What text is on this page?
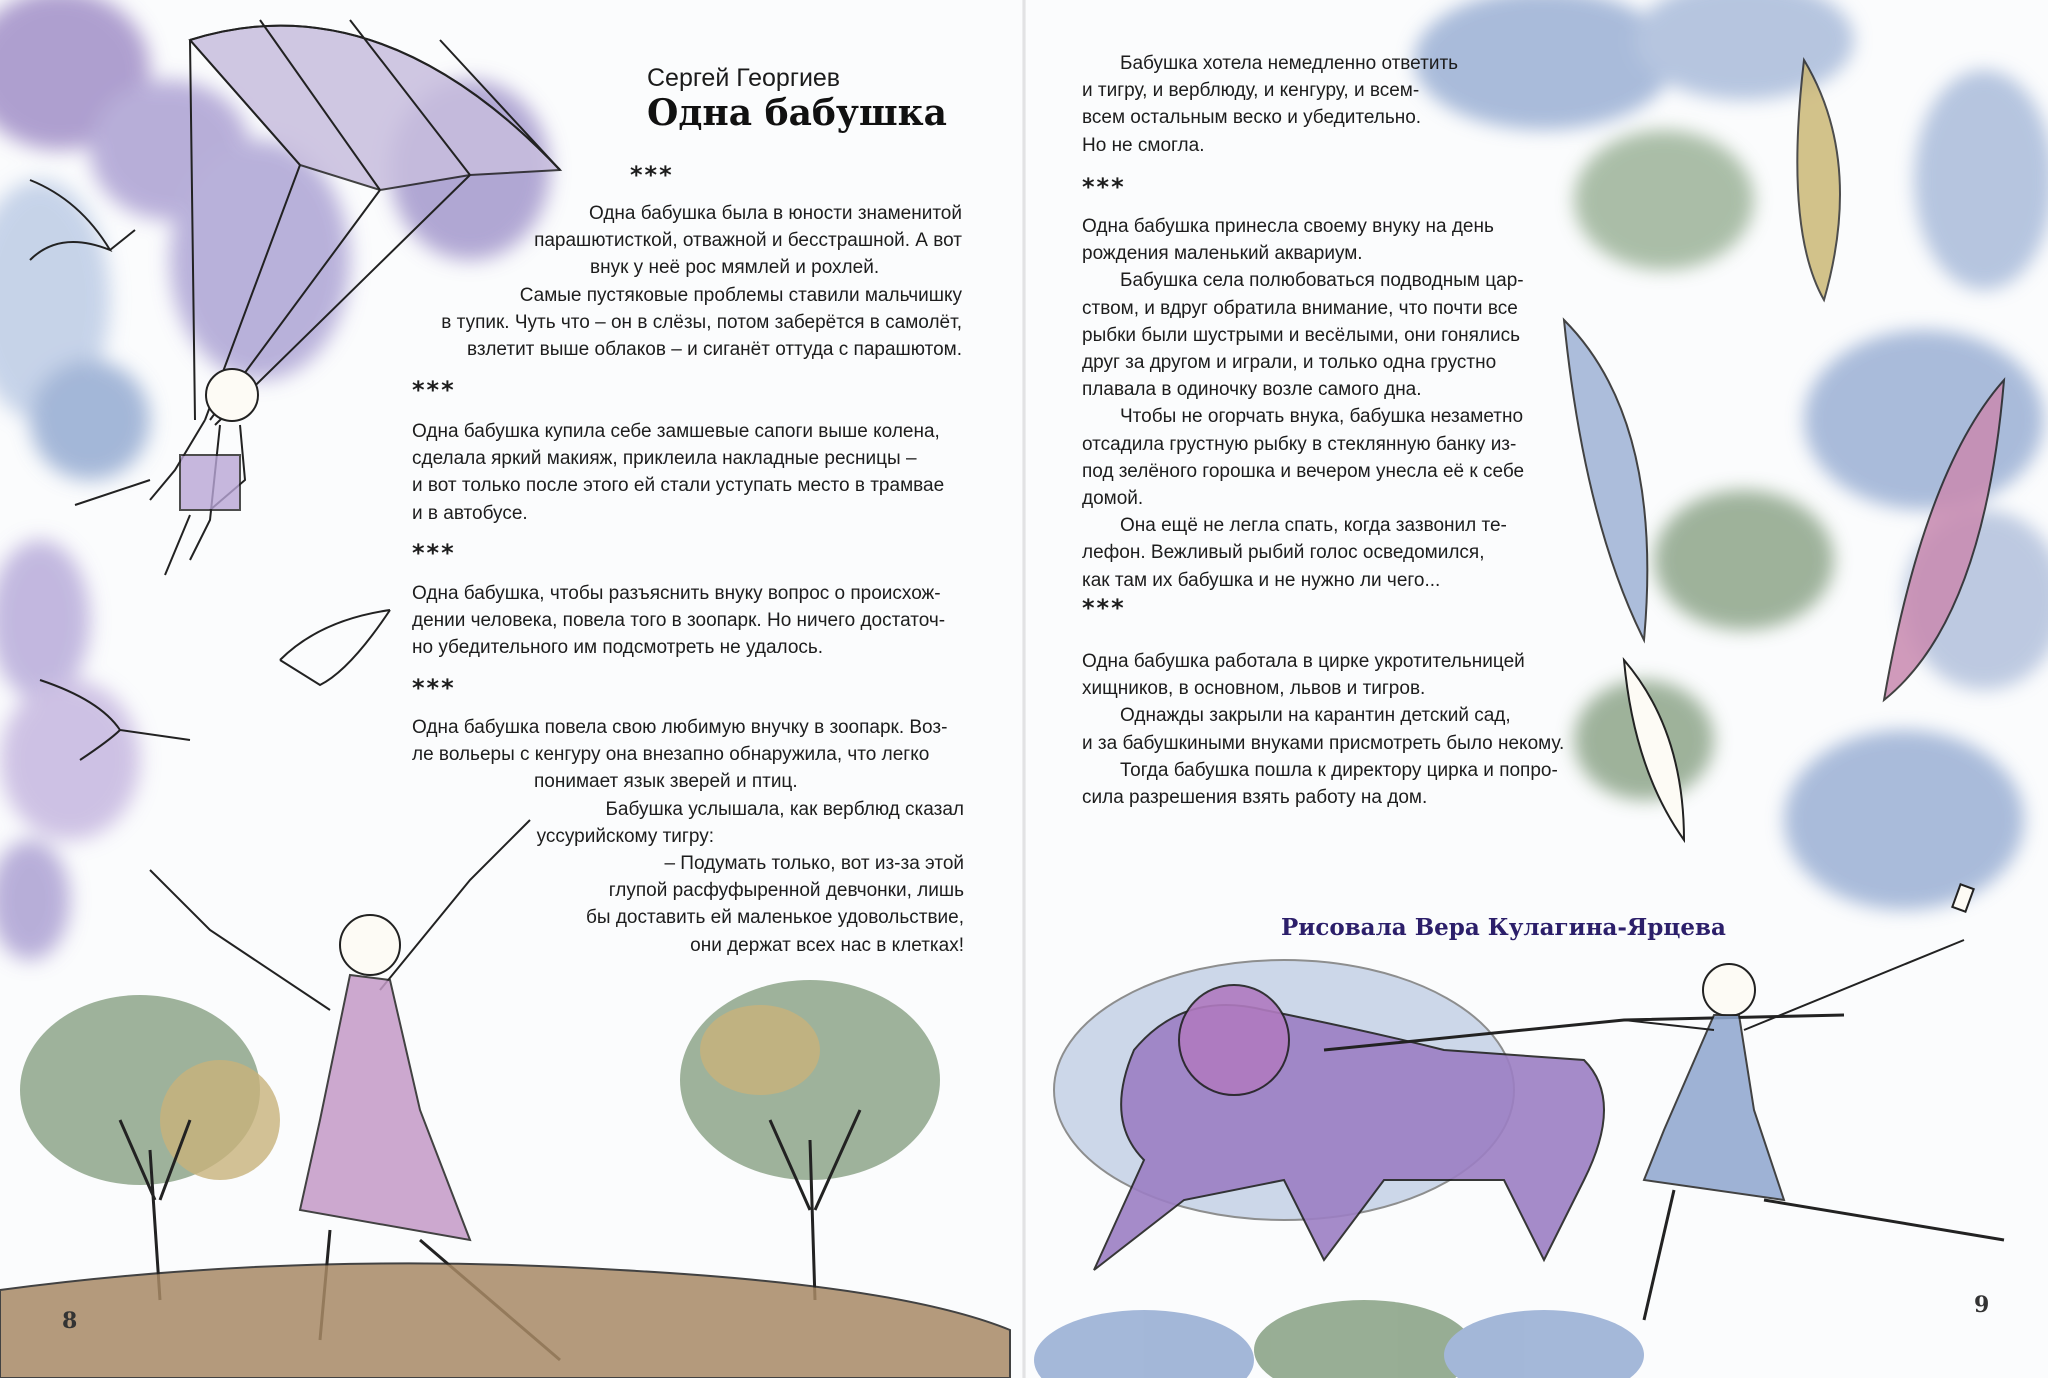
Сергей Георгиев
Одна бабушка
***

Одна бабушка была в юности знаменитой

парашютисткой, отважной и бесстрашной. А вот

внук у неё рос мямлей и рохлей.

Самые пустяковые проблемы ставили мальчишку

в тупик. Чуть что – он в слёзы, потом заберётся в самолёт,

взлетит выше облаков – и сиганёт оттуда с парашютом.

***

Одна бабушка купила себе замшевые сапоги выше колена,

сделала яркий макияж, приклеила накладные ресницы –

и вот только после этого ей стали уступать место в трамвае

и в автобусе.

***

Одна бабушка, чтобы разъяснить внуку вопрос о происхож-

дении человека, повела того в зоопарк. Но ничего достаточ-

но убедительного им подсмотреть не удалось.

***

Одна бабушка повела свою любимую внучку в зоопарк. Воз-

ле вольеры с кенгуру она внезапно обнаружила, что легко

понимает язык зверей и птиц.

Бабушка услышала, как верблюд сказал

уссурийскому тигру:

– Подумать только, вот из-за этой

глупой расфуфыренной девчонки, лишь

бы доставить ей маленькое удовольствие,

они держат всех нас в клетках!

8

Бабушка хотела немедленно ответить

и тигру, и верблюду, и кенгуру, и всем-

всем остальным веско и убедительно.

Но не смогла.

***

Одна бабушка принесла своему внуку на день

рождения маленький аквариум.

Бабушка села полюбоваться подводным цар-

ством, и вдруг обратила внимание, что почти все

рыбки были шустрыми и весёлыми, они гонялись

друг за другом и играли, и только одна грустно

плавала в одиночку возле самого дна.

Чтобы не огорчать внука, бабушка незаметно

отсадила грустную рыбку в стеклянную банку из-

под зелёного горошка и вечером унесла её к себе

домой.

Она ещё не легла спать, когда зазвонил те-

лефон. Вежливый рыбий голос осведомился,

как там их бабушка и не нужно ли чего...

***

Одна бабушка работала в цирке укротительницей

хищников, в основном, львов и тигров.

Однажды закрыли на карантин детский сад,

и за бабушкиными внуками присмотреть было некому.

Тогда бабушка пошла к директору цирка и попро-

сила разрешения взять работу на дом.

9
Рисовала Вера Кулагина-Ярцева
